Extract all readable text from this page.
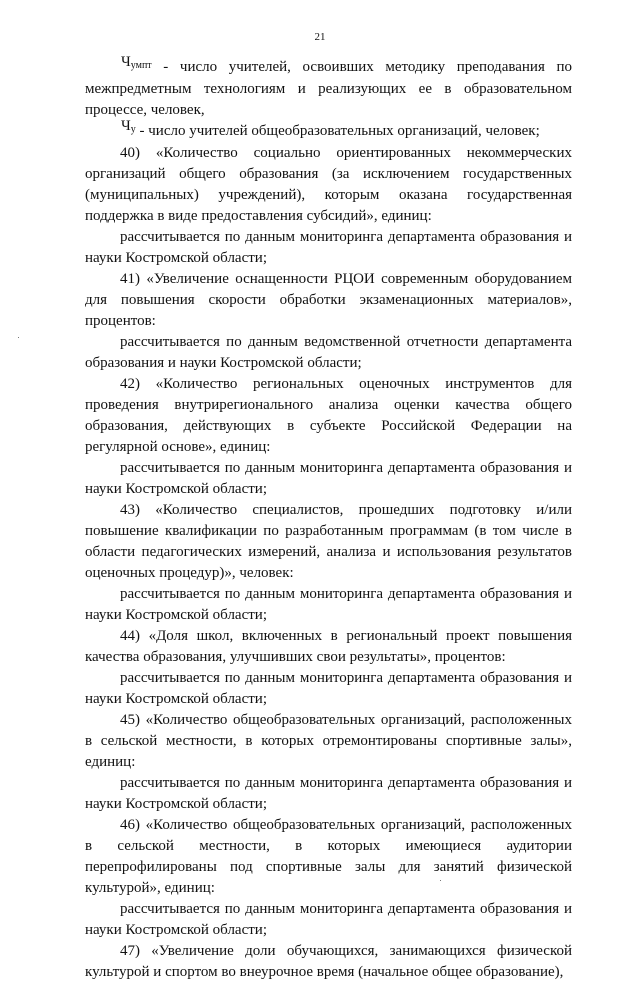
21

$Ч^{умпт}$ - число учителей, освоивших методику преподавания по межпредметным технологиям и реализующих ее в образовательном процессе, человек,

$Ч^у$ - число учителей общеобразовательных организаций, человек;

40) «Количество социально ориентированных некоммерческих организаций общего образования (за исключением государственных (муниципальных) учреждений), которым оказана государственная поддержка в виде предоставления субсидий», единиц:

рассчитывается по данным мониторинга департамента образования и науки Костромской области;

41) «Увеличение оснащенности РЦОИ современным оборудованием для повышения скорости обработки экзаменационных материалов», процентов:

рассчитывается по данным ведомственной отчетности департамента образования и науки Костромской области;

42) «Количество региональных оценочных инструментов для проведения внутрирегионального анализа оценки качества общего образования, действующих в субъекте Российской Федерации на регулярной основе», единиц:

рассчитывается по данным мониторинга департамента образования и науки Костромской области;

43) «Количество специалистов, прошедших подготовку и/или повышение квалификации по разработанным программам (в том числе в области педагогических измерений, анализа и использования результатов оценочных процедур)», человек:

рассчитывается по данным мониторинга департамента образования и науки Костромской области;

44) «Доля школ, включенных в региональный проект повышения качества образования, улучшивших свои результаты», процентов:

рассчитывается по данным мониторинга департамента образования и науки Костромской области;

45) «Количество общеобразовательных организаций, расположенных в сельской местности, в которых отремонтированы спортивные залы», единиц:

рассчитывается по данным мониторинга департамента образования и науки Костромской области;

46) «Количество общеобразовательных организаций, расположенных в сельской местности, в которых имеющиеся аудитории перепрофилированы под спортивные залы для занятий физической культурой», единиц:

рассчитывается по данным мониторинга департамента образования и науки Костромской области;

47) «Увеличение доли обучающихся, занимающихся физической культурой и спортом во внеурочное время (начальное общее образование),
